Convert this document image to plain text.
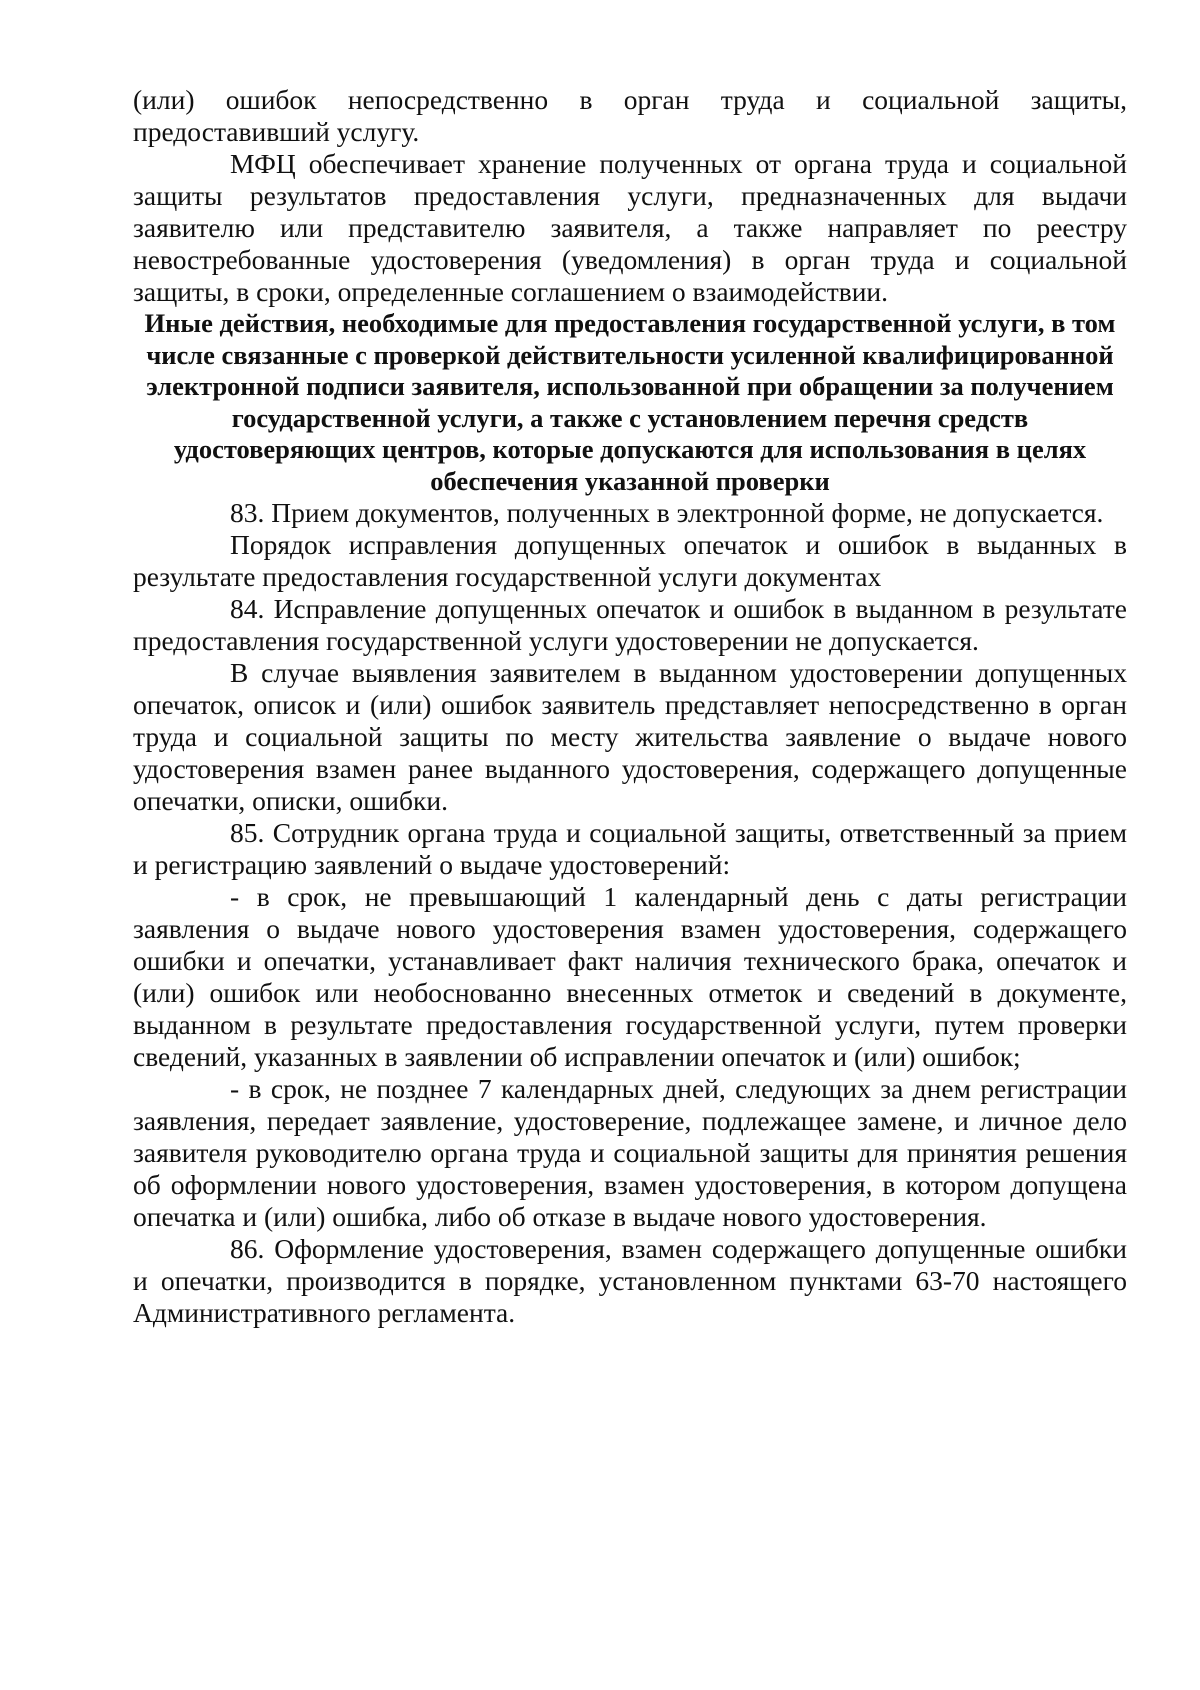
(или) ошибок непосредственно в орган труда и социальной защиты, предоставивший услугу.

МФЦ обеспечивает хранение полученных от органа труда и социальной защиты результатов предоставления услуги, предназначенных для выдачи заявителю или представителю заявителя, а также направляет по реестру невостребованные удостоверения (уведомления) в орган труда и социальной защиты, в сроки, определенные соглашением о взаимодействии.

Иные действия, необходимые для предоставления государственной услуги, в том числе связанные с проверкой действительности усиленной квалифицированной электронной подписи заявителя, использованной при обращении за получением государственной услуги, а также с установлением перечня средств удостоверяющих центров, которые допускаются для использования в целях обеспечения указанной проверки

83. Прием документов, полученных в электронной форме, не допускается.

Порядок исправления допущенных опечаток и ошибок в выданных в результате предоставления государственной услуги документах

84. Исправление допущенных опечаток и ошибок в выданном в результате предоставления государственной услуги удостоверении не допускается.

В случае выявления заявителем в выданном удостоверении допущенных опечаток, описок и (или) ошибок заявитель представляет непосредственно в орган труда и социальной защиты по месту жительства заявление о выдаче нового удостоверения взамен ранее выданного удостоверения, содержащего допущенные опечатки, описки, ошибки.

85. Сотрудник органа труда и социальной защиты, ответственный за прием и регистрацию заявлений о выдаче удостоверений:

- в срок, не превышающий 1 календарный день с даты регистрации заявления о выдаче нового удостоверения взамен удостоверения, содержащего ошибки и опечатки, устанавливает факт наличия технического брака, опечаток и (или) ошибок или необоснованно внесенных отметок и сведений в документе, выданном в результате предоставления государственной услуги, путем проверки сведений, указанных в заявлении об исправлении опечаток и (или) ошибок;

- в срок, не позднее 7 календарных дней, следующих за днем регистрации заявления, передает заявление, удостоверение, подлежащее замене, и личное дело заявителя руководителю органа труда и социальной защиты для принятия решения об оформлении нового удостоверения, взамен удостоверения, в котором допущена опечатка и (или) ошибка, либо об отказе в выдаче нового удостоверения.

86. Оформление удостоверения, взамен содержащего допущенные ошибки и опечатки, производится в порядке, установленном пунктами 63-70 настоящего Административного регламента.
